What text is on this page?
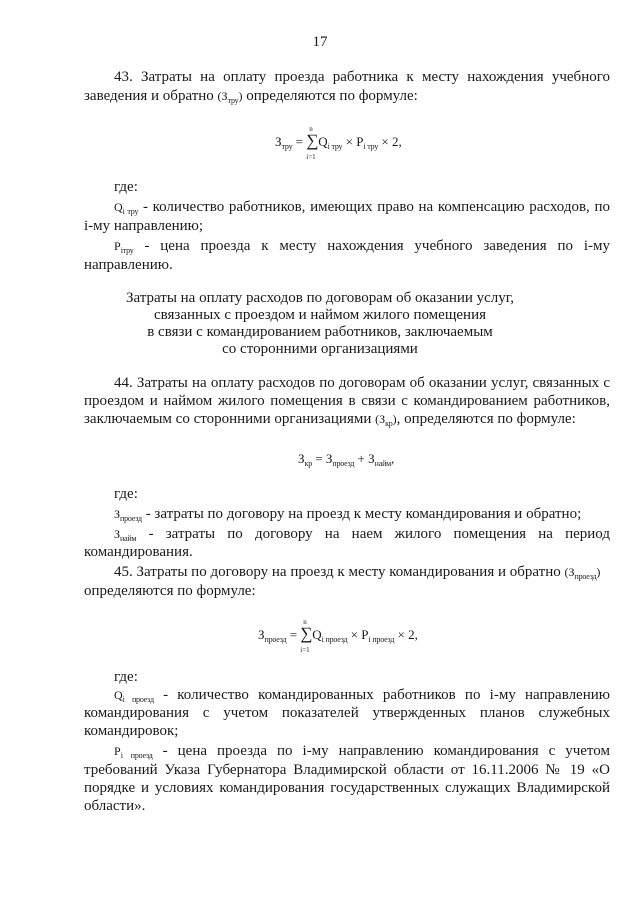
17
43. Затраты на оплату проезда работника к месту нахождения учебного
заведения и обратно $(З_{тру})$ определяются по формуле:
$З_{тру}$ = ∑
n
i=1
$Q_{i тру} \times P_{i тру} \times 2$,
где:
$Q_{i тру}$ - количество работников, имеющих право на компенсацию расходов, по
i-му направлению;
$P_{iтру}$ - цена проезда к месту нахождения учебного заведения по i-му
направлению.
Затраты на оплату расходов по договорам об оказании услуг,
связанных с проездом и наймом жилого помещения
в связи с командированием работников, заключаемым
со сторонними организациями
44. Затраты на оплату расходов по договорам об оказании услуг, связанных с
проездом и наймом жилого помещения в связи с командированием работников,
заключаемым со сторонними организациями $(З_{кр})$, определяются по формуле:
$З_{кр} = З_{проезд} + З_{найм}$,
где:
$З_{проезд}$ - затраты по договору на проезд к месту командирования и обратно;
$З_{найм}$ - затраты по договору на наем жилого помещения на период
командирования.
45. Затраты по договору на проезд к месту командирования и обратно $(З_{проезд})$
определяются по формуле:
$З_{проезд}$ = ∑
n
i=1
$Q_{i проезд} \times P_{i проезд} \times 2$,
где:
$Q_{i проезд}$ - количество командированных работников по i-му направлению
командирования с учетом показателей утвержденных планов служебных
командировок;
$P_{i проезд}$ - цена проезда по i-му направлению командирования с учетом
требований Указа Губернатора Владимирской области от 16.11.2006 № 19 «О
порядке и условиях командирования государственных служащих Владимирской
области».
